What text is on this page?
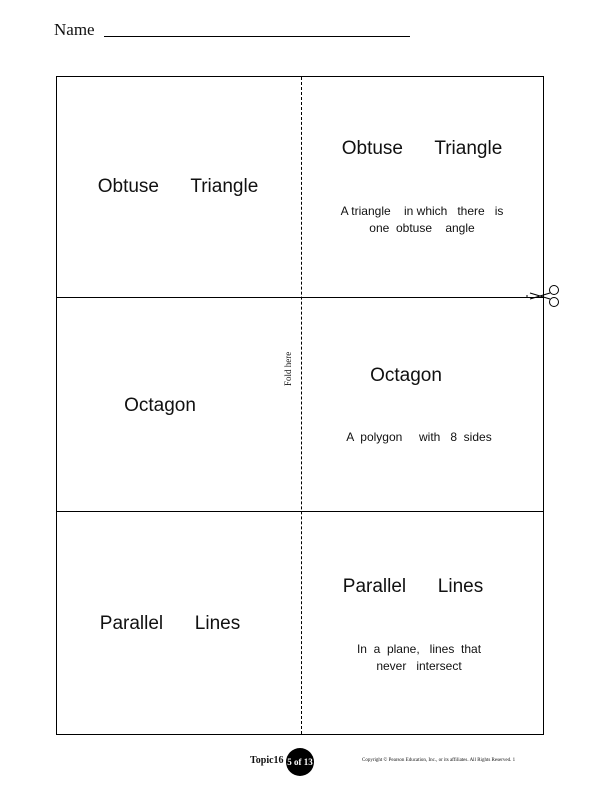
Name
Obtuse      Triangle
Obtuse      Triangle
A triangle    in which   there   is
one  obtuse    angle
Octagon
Octagon
A  polygon     with   8  sides
Parallel      Lines
Parallel      Lines
In  a  plane,   lines  that
never   intersect
Fold here
Topic16 5 of 13	Copyright © Pearson Education, Inc., or its affiliates. All Rights Reserved. 1
